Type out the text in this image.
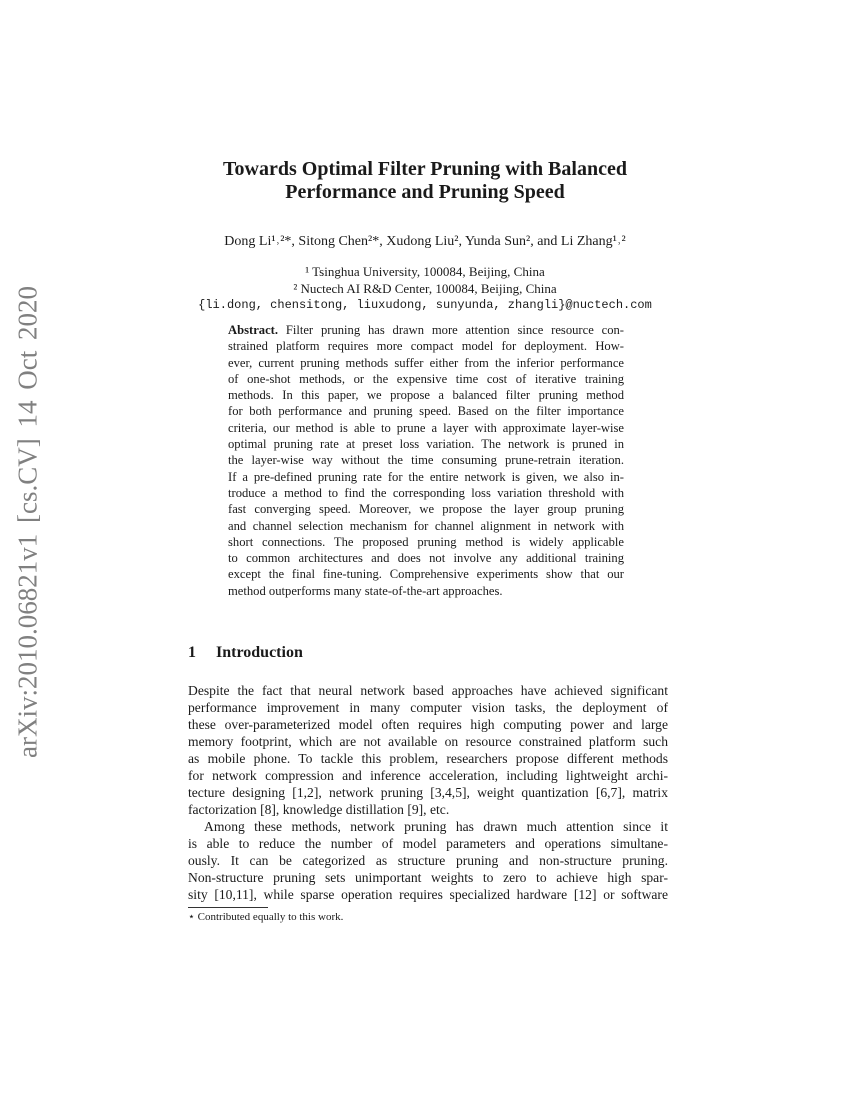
arXiv:2010.06821v1 [cs.CV] 14 Oct 2020
Towards Optimal Filter Pruning with Balanced
Performance and Pruning Speed
Dong Li¹˒²*, Sitong Chen²*, Xudong Liu², Yunda Sun², and Li Zhang¹˒²
¹ Tsinghua University, 100084, Beijing, China
² Nuctech AI R&D Center, 100084, Beijing, China
{li.dong, chensitong, liuxudong, sunyunda, zhangli}@nuctech.com
Abstract. Filter pruning has drawn more attention since resource con-
strained platform requires more compact model for deployment. How-
ever, current pruning methods suffer either from the inferior performance
of one-shot methods, or the expensive time cost of iterative training
methods. In this paper, we propose a balanced filter pruning method
for both performance and pruning speed. Based on the filter importance
criteria, our method is able to prune a layer with approximate layer-wise
optimal pruning rate at preset loss variation. The network is pruned in
the layer-wise way without the time consuming prune-retrain iteration.
If a pre-defined pruning rate for the entire network is given, we also in-
troduce a method to find the corresponding loss variation threshold with
fast converging speed. Moreover, we propose the layer group pruning
and channel selection mechanism for channel alignment in network with
short connections. The proposed pruning method is widely applicable
to common architectures and does not involve any additional training
except the final fine-tuning. Comprehensive experiments show that our
method outperforms many state-of-the-art approaches.
1 Introduction
Despite the fact that neural network based approaches have achieved significant
performance improvement in many computer vision tasks, the deployment of
these over-parameterized model often requires high computing power and large
memory footprint, which are not available on resource constrained platform such
as mobile phone. To tackle this problem, researchers propose different methods
for network compression and inference acceleration, including lightweight archi-
tecture designing [1,2], network pruning [3,4,5], weight quantization [6,7], matrix
factorization [8], knowledge distillation [9], etc.
Among these methods, network pruning has drawn much attention since it
is able to reduce the number of model parameters and operations simultane-
ously. It can be categorized as structure pruning and non-structure pruning.
Non-structure pruning sets unimportant weights to zero to achieve high spar-
sity [10,11], while sparse operation requires specialized hardware [12] or software
⋆ Contributed equally to this work.
